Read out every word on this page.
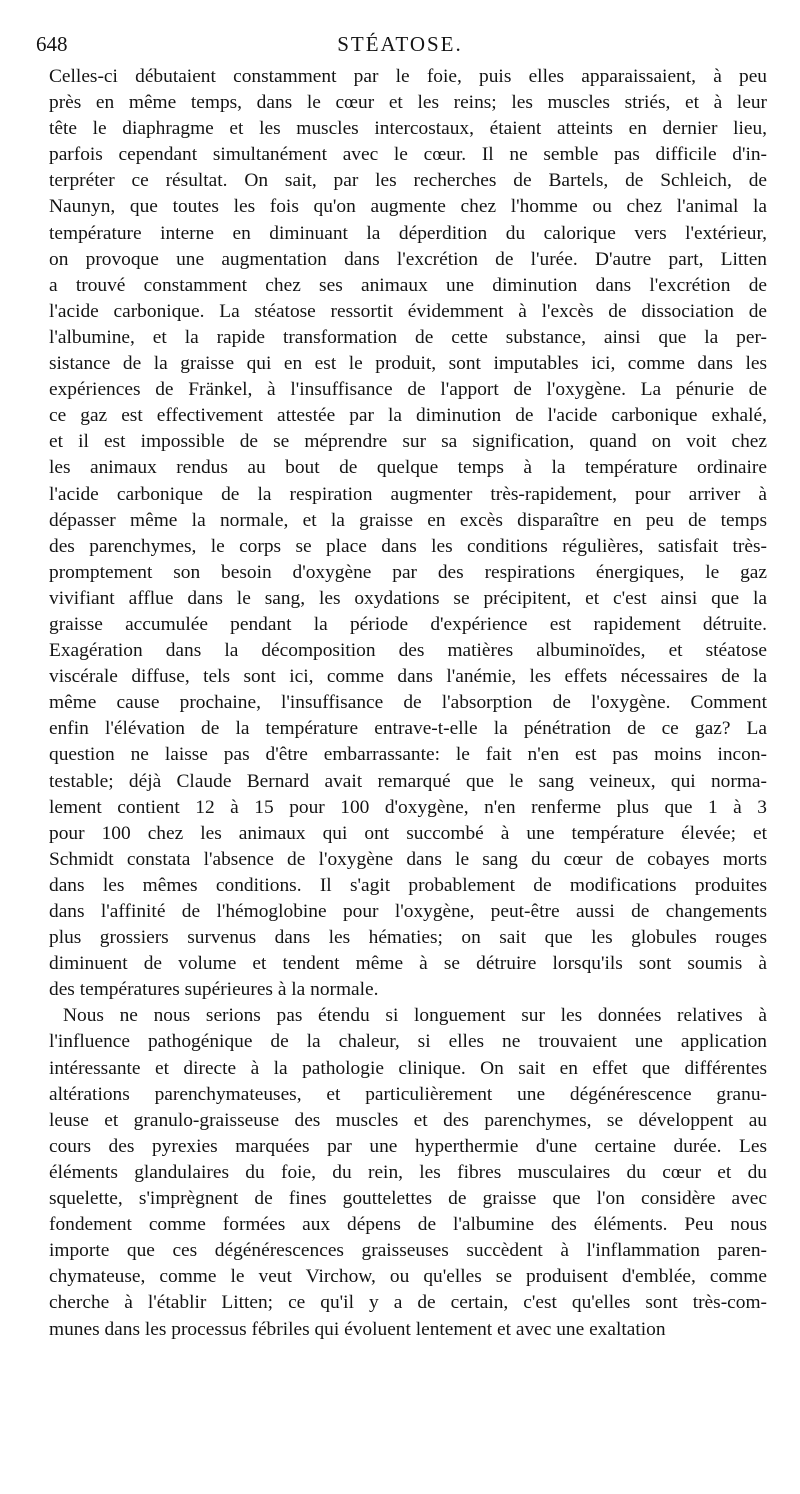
648	STÉATOSE.
Celles-ci débutaient constamment par le foie, puis elles apparaissaient, à peu
près en même temps, dans le cœur et les reins; les muscles striés, et à leur
tête le diaphragme et les muscles intercostaux, étaient atteints en dernier lieu,
parfois cependant simultanément avec le cœur. Il ne semble pas difficile d'in-
terpréter ce résultat. On sait, par les recherches de Bartels, de Schleich, de
Naunyn, que toutes les fois qu'on augmente chez l'homme ou chez l'animal la
température interne en diminuant la déperdition du calorique vers l'extérieur,
on provoque une augmentation dans l'excrétion de l'urée. D'autre part, Litten
a trouvé constamment chez ses animaux une diminution dans l'excrétion de
l'acide carbonique. La stéatose ressortit évidemment à l'excès de dissociation de
l'albumine, et la rapide transformation de cette substance, ainsi que la per-
sistance de la graisse qui en est le produit, sont imputables ici, comme dans les
expériences de Fränkel, à l'insuffisance de l'apport de l'oxygène. La pénurie de
ce gaz est effectivement attestée par la diminution de l'acide carbonique exhalé,
et il est impossible de se méprendre sur sa signification, quand on voit chez
les animaux rendus au bout de quelque temps à la température ordinaire
l'acide carbonique de la respiration augmenter très-rapidement, pour arriver à
dépasser même la normale, et la graisse en excès disparaître en peu de temps
des parenchymes, le corps se place dans les conditions régulières, satisfait très-
promptement son besoin d'oxygène par des respirations énergiques, le gaz
vivifiant afflue dans le sang, les oxydations se précipitent, et c'est ainsi que la
graisse accumulée pendant la période d'expérience est rapidement détruite.
Exagération dans la décomposition des matières albuminoïdes, et stéatose
viscérale diffuse, tels sont ici, comme dans l'anémie, les effets nécessaires de la
même cause prochaine, l'insuffisance de l'absorption de l'oxygène. Comment
enfin l'élévation de la température entrave-t-elle la pénétration de ce gaz? La
question ne laisse pas d'être embarrassante: le fait n'en est pas moins incon-
testable; déjà Claude Bernard avait remarqué que le sang veineux, qui norma-
lement contient 12 à 15 pour 100 d'oxygène, n'en renferme plus que 1 à 3
pour 100 chez les animaux qui ont succombé à une température élevée; et
Schmidt constata l'absence de l'oxygène dans le sang du cœur de cobayes morts
dans les mêmes conditions. Il s'agit probablement de modifications produites
dans l'affinité de l'hémoglobine pour l'oxygène, peut-être aussi de changements
plus grossiers survenus dans les hématies; on sait que les globules rouges
diminuent de volume et tendent même à se détruire lorsqu'ils sont soumis à
des températures supérieures à la normale.
Nous ne nous serions pas étendu si longuement sur les données relatives à
l'influence pathogénique de la chaleur, si elles ne trouvaient une application
intéressante et directe à la pathologie clinique. On sait en effet que différentes
altérations parenchymateuses, et particulièrement une dégénérescence granu-
leuse et granulo-graisseuse des muscles et des parenchymes, se développent au
cours des pyrexies marquées par une hyperthermie d'une certaine durée. Les
éléments glandulaires du foie, du rein, les fibres musculaires du cœur et du
squelette, s'imprègnent de fines gouttelettes de graisse que l'on considère avec
fondement comme formées aux dépens de l'albumine des éléments. Peu nous
importe que ces dégénérescences graisseuses succèdent à l'inflammation paren-
chymateuse, comme le veut Virchow, ou qu'elles se produisent d'emblée, comme
cherche à l'établir Litten; ce qu'il y a de certain, c'est qu'elles sont très-com-
munes dans les processus fébriles qui évoluent lentement et avec une exaltation
